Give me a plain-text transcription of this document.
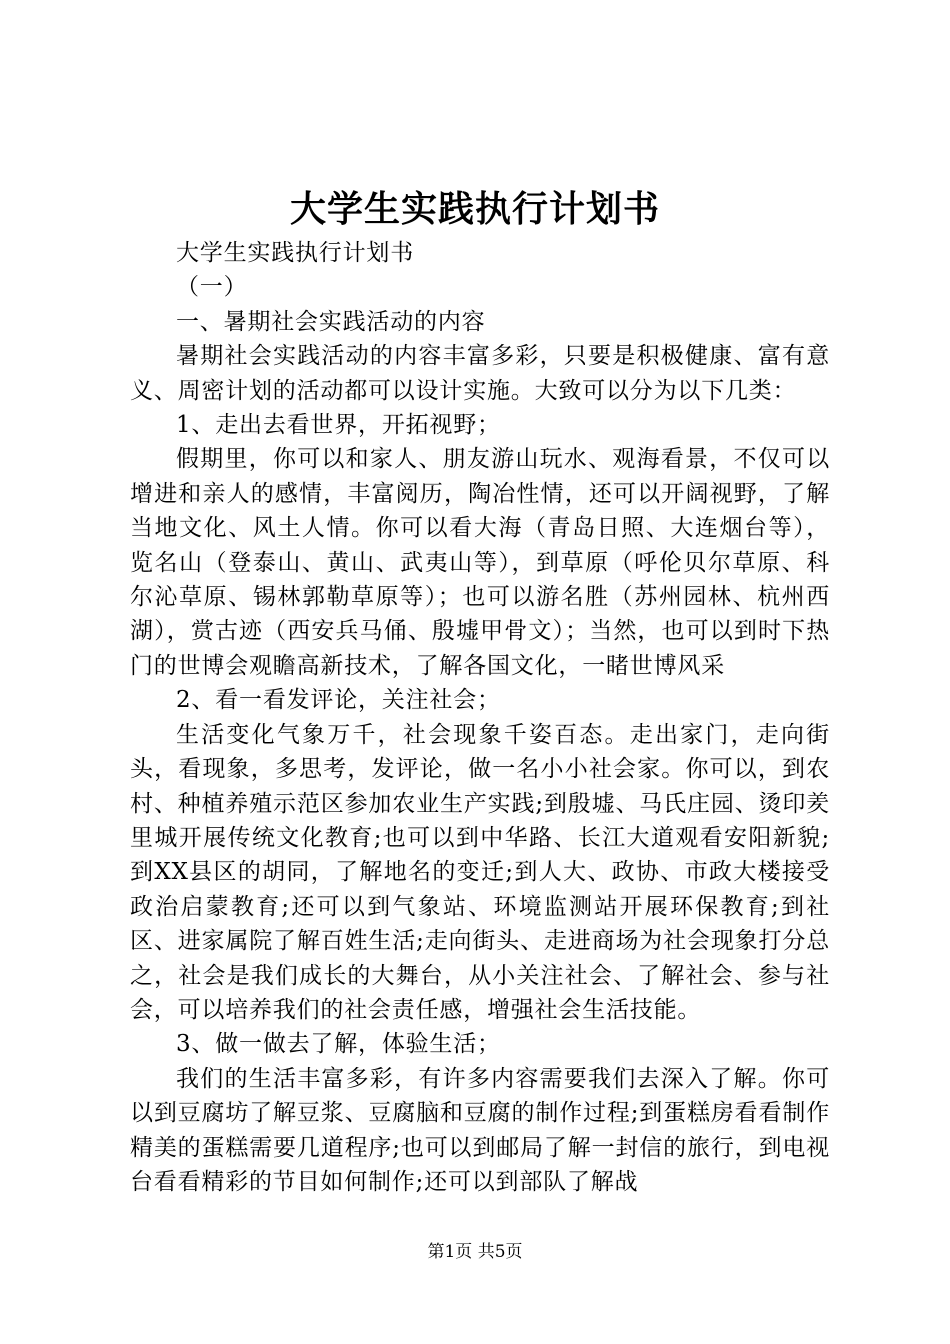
大学生实践执行计划书

大学生实践执行计划书

（一）

一、暑期社会实践活动的内容

暑期社会实践活动的内容丰富多彩，只要是积极健康、富有意义、周密计划的活动都可以设计实施。大致可以分为以下几类：

1、走出去看世界，开拓视野；

假期里，你可以和家人、朋友游山玩水、观海看景，不仅可以增进和亲人的感情，丰富阅历，陶冶性情，还可以开阔视野，了解当地文化、风土人情。你可以看大海（青岛日照、大连烟台等），览名山（登泰山、黄山、武夷山等），到草原（呼伦贝尔草原、科尔沁草原、锡林郭勒草原等）；也可以游名胜（苏州园林、杭州西湖），赏古迹（西安兵马俑、殷墟甲骨文）；当然，也可以到时下热门的世博会观瞻高新技术，了解各国文化，一睹世博风采

2、看一看发评论，关注社会；

生活变化气象万千，社会现象千姿百态。走出家门，走向街头，看现象，多思考，发评论，做一名小小社会家。你可以，到农村、种植养殖示范区参加农业生产实践;到殷墟、马氏庄园、烫印羑里城开展传统文化教育;也可以到中华路、长江大道观看安阳新貌;到XX县区的胡同，了解地名的变迁;到人大、政协、市政大楼接受政治启蒙教育;还可以到气象站、环境监测站开展环保教育;到社区、进家属院了解百姓生活;走向街头、走进商场为社会现象打分总之，社会是我们成长的大舞台，从小关注社会、了解社会、参与社会，可以培养我们的社会责任感，增强社会生活技能。

3、做一做去了解，体验生活；

我们的生活丰富多彩，有许多内容需要我们去深入了解。你可以到豆腐坊了解豆浆、豆腐脑和豆腐的制作过程;到蛋糕房看看制作精美的蛋糕需要几道程序;也可以到邮局了解一封信的旅行，到电视台看看精彩的节目如何制作;还可以到部队了解战

第1页 共5页
